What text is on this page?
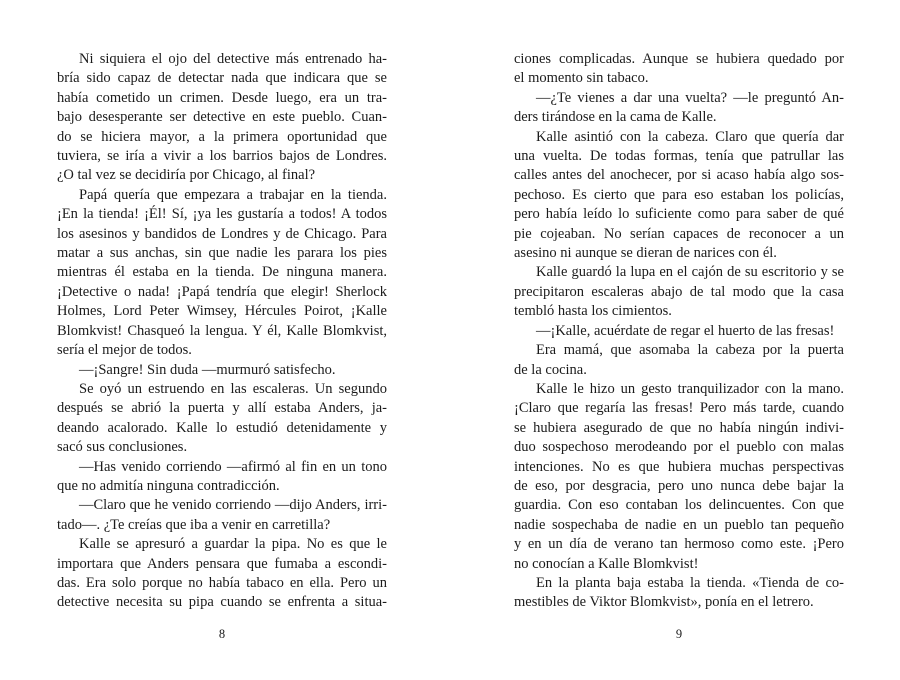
Ni siquiera el ojo del detective más entrenado ha-
bría sido capaz de detectar nada que indicara que se
había cometido un crimen. Desde luego, era un tra-
bajo desesperante ser detective en este pueblo. Cuan-
do se hiciera mayor, a la primera oportunidad que
tuviera, se iría a vivir a los barrios bajos de Londres.
¿O tal vez se decidiría por Chicago, al final?
Papá quería que empezara a trabajar en la tienda.
¡En la tienda! ¡Él! Sí, ¡ya les gustaría a todos! A todos
los asesinos y bandidos de Londres y de Chicago. Para
matar a sus anchas, sin que nadie les parara los pies
mientras él estaba en la tienda. De ninguna manera.
¡Detective o nada! ¡Papá tendría que elegir! Sherlock
Holmes, Lord Peter Wimsey, Hércules Poirot, ¡Kalle
Blomkvist! Chasqueó la lengua. Y él, Kalle Blomkvist,
sería el mejor de todos.
—¡Sangre! Sin duda —murmuró satisfecho.
Se oyó un estruendo en las escaleras. Un segundo
después se abrió la puerta y allí estaba Anders, ja-
deando acalorado. Kalle lo estudió detenidamente y
sacó sus conclusiones.
—Has venido corriendo —afirmó al fin en un tono
que no admitía ninguna contradicción.
—Claro que he venido corriendo —dijo Anders, irri-
tado—. ¿Te creías que iba a venir en carretilla?
Kalle se apresuró a guardar la pipa. No es que le
importara que Anders pensara que fumaba a escondi-
das. Era solo porque no había tabaco en ella. Pero un
detective necesita su pipa cuando se enfrenta a situa-
ciones complicadas. Aunque se hubiera quedado por
el momento sin tabaco.
—¿Te vienes a dar una vuelta? —le preguntó An-
ders tirándose en la cama de Kalle.
Kalle asintió con la cabeza. Claro que quería dar
una vuelta. De todas formas, tenía que patrullar las
calles antes del anochecer, por si acaso había algo sos-
pechoso. Es cierto que para eso estaban los policías,
pero había leído lo suficiente como para saber de qué
pie cojeaban. No serían capaces de reconocer a un
asesino ni aunque se dieran de narices con él.
Kalle guardó la lupa en el cajón de su escritorio y se
precipitaron escaleras abajo de tal modo que la casa
tembló hasta los cimientos.
—¡Kalle, acuérdate de regar el huerto de las fresas!
Era mamá, que asomaba la cabeza por la puerta
de la cocina.
Kalle le hizo un gesto tranquilizador con la mano.
¡Claro que regaría las fresas! Pero más tarde, cuando
se hubiera asegurado de que no había ningún indivi-
duo sospechoso merodeando por el pueblo con malas
intenciones. No es que hubiera muchas perspectivas
de eso, por desgracia, pero uno nunca debe bajar la
guardia. Con eso contaban los delincuentes. Con que
nadie sospechaba de nadie en un pueblo tan pequeño
y en un día de verano tan hermoso como este. ¡Pero
no conocían a Kalle Blomkvist!
En la planta baja estaba la tienda. «Tienda de co-
mestibles de Viktor Blomkvist», ponía en el letrero.
8	9
